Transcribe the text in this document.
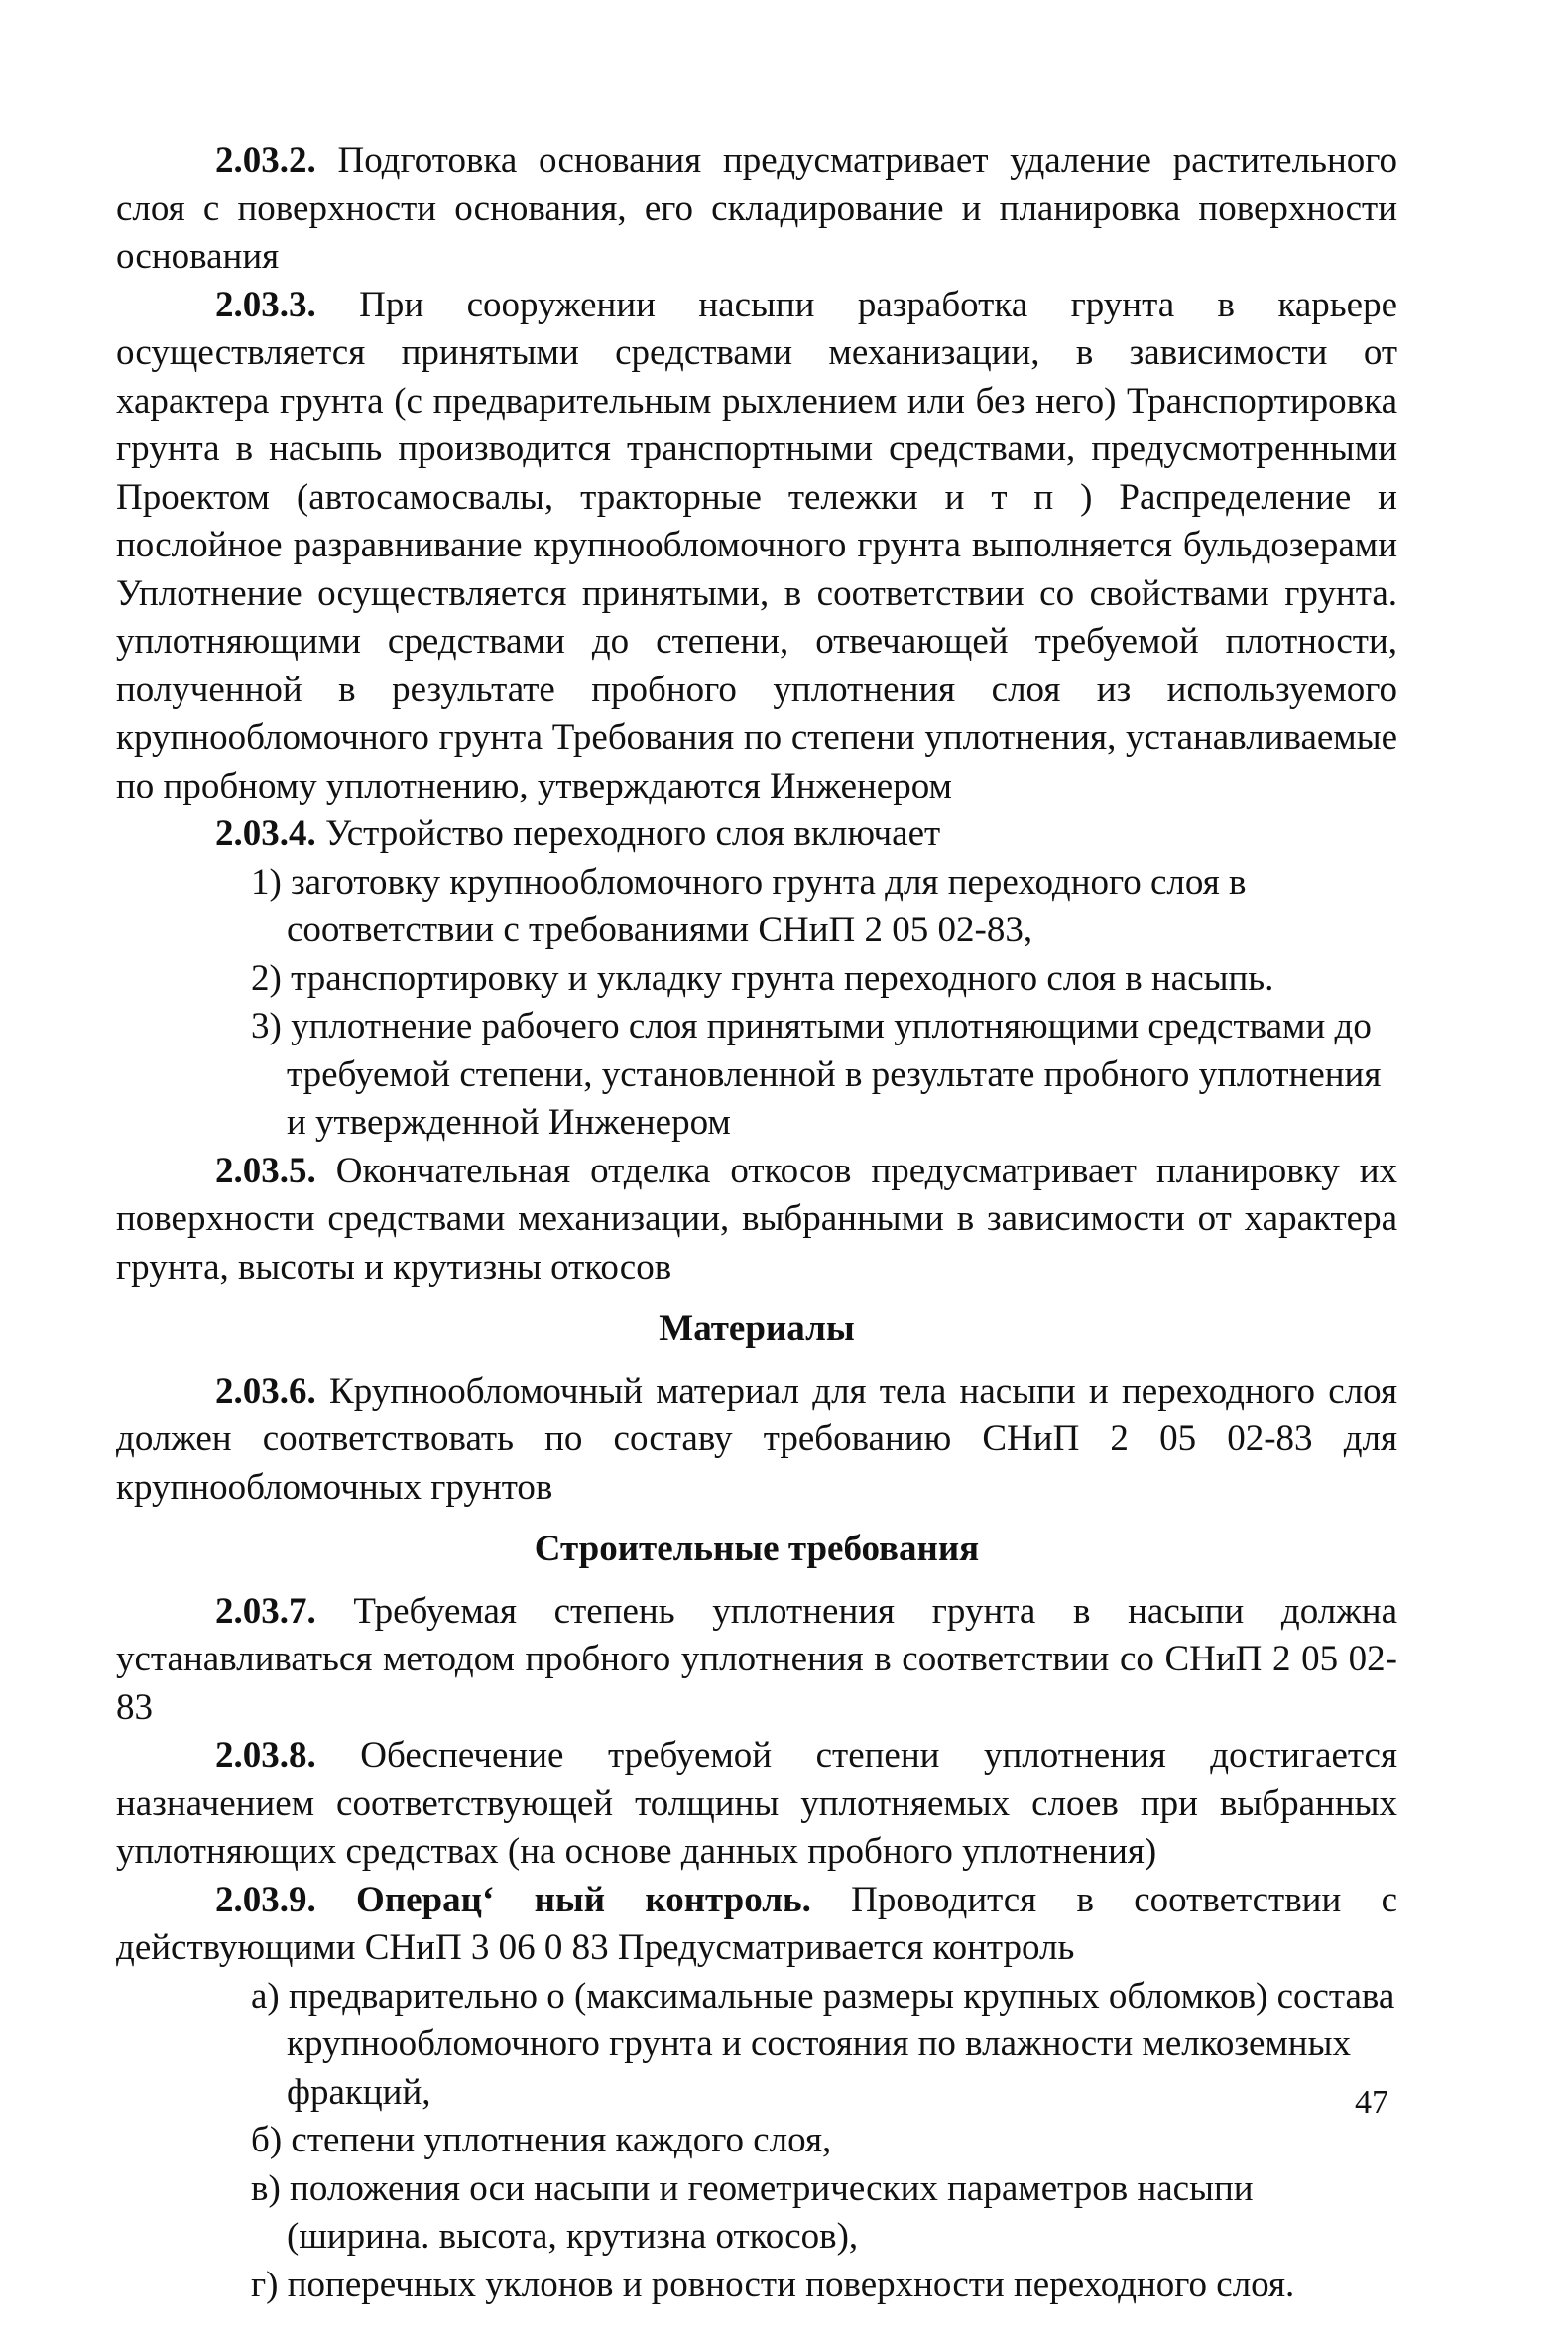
2.03.2. Подготовка основания предусматривает удаление растительного слоя с поверхности основания, его складирование и планировка поверхности основания

2.03.3. При сооружении насыпи разработка грунта в карьере осуществляется принятыми средствами механизации, в зависимости от характера грунта (с предварительным рыхлением или без него) Транспортировка грунта в насыпь производится транспортными средствами, предусмотренными Проектом (автосамосвалы, тракторные тележки и т п ) Распределение и послойное разравнивание крупнообломочного грунта выполняется бульдозерами Уплотнение осуществляется принятыми, в соответствии со свойствами грунта. уплотняющими средствами до степени, отвечающей требуемой плотности, полученной в результате пробного уплотнения слоя из используемого крупнообломочного грунта Требования по степени уплотнения, устанавливаемые по пробному уплотнению, утверждаются Инженером

2.03.4. Устройство переходного слоя включает

1) заготовку крупнообломочного грунта для переходного слоя в соответствии с требованиями СНиП 2 05 02-83,

2) транспортировку и укладку грунта переходного слоя в насыпь.

3) уплотнение рабочего слоя принятыми уплотняющими средствами до требуемой степени, установленной в результате пробного уплотнения и утвержденной Инженером

2.03.5. Окончательная отделка откосов предусматривает планировку их поверхности средствами механизации, выбранными в зависимости от характера грунта, высоты и крутизны откосов

Материалы

2.03.6. Крупнообломочный материал для тела насыпи и переходного слоя должен соответствовать по составу требованию СНиП 2 05 02-83 для крупнообломочных грунтов

Строительные требования

2.03.7. Требуемая степень уплотнения грунта в насыпи должна устанавливаться методом пробного уплотнения в соответствии со СНиП 2 05 02-83

2.03.8. Обеспечение требуемой степени уплотнения достигается назначением соответствующей толщины уплотняемых слоев при выбранных уплотняющих средствах (на основе данных пробного уплотнения)

2.03.9. Операц‘ ный контроль. Проводится в соответствии с действующими СНиП 3 06 0 83 Предусматривается контроль

а) предварительно о (максимальные размеры крупных обломков) состава крупнообломочного грунта и состояния по влажности мелкоземных фракций,

б) степени уплотнения каждого слоя,

в) положения оси насыпи и геометрических параметров насыпи (ширина. высота, крутизна откосов),

г) поперечных уклонов и ровности поверхности переходного слоя.

47
